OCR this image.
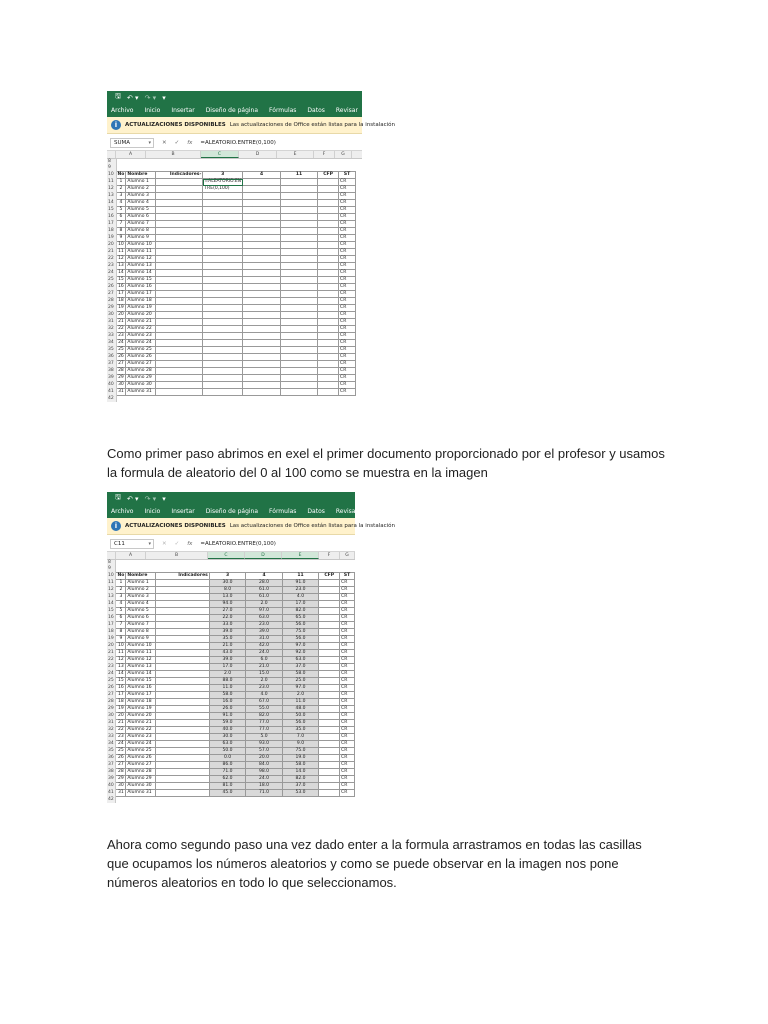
🖫 ↶ ▾ ↷ ▾ ▾
Archivo Inicio Insertar Diseño de página Fórmulas Datos Revisar Vista
i	ACTUALIZACIONES DISPONIBLES Las actualizaciones de Office están listas para la instalación
SUMA ▾	✕ ✓ fx =ALEATORIO.ENTRE(0,100)
A	B	C	D	E	F	G
8								
9								
10	No	Nombre	Indicadores-	3	4	11	CFP	ST
11	1	Alumno 1		=ALEATORIO.EN				CR
12	2	Alumno 2		TRE(0,100)				CR
13	3	Alumno 3						CR
14	4	Alumno 4						CR
15	5	Alumno 5						CR
16	6	Alumno 6						CR
17	7	Alumno 7						CR
18	8	Alumno 8						CR
19	9	Alumno 9						CR
20	10	Alumno 10						CR
21	11	Alumno 11						CR
22	12	Alumno 12						CR
23	13	Alumno 13						CR
24	14	Alumno 14						CR
25	15	Alumno 15						CR
26	16	Alumno 16						CR
27	17	Alumno 17						CR
28	18	Alumno 18						CR
29	19	Alumno 19						CR
30	20	Alumno 20						CR
31	21	Alumno 21						CR
32	22	Alumno 22						CR
33	23	Alumno 23						CR
34	24	Alumno 24						CR
35	25	Alumno 25						CR
36	26	Alumno 26						CR
37	27	Alumno 27						CR
38	28	Alumno 28						CR
39	29	Alumno 29						CR
40	30	Alumno 30						CR
41	31	Alumno 31						CR
42								
Como primer paso abrimos en exel el primer documento proporcionado por el profesor y usamos la formula de aleatorio del 0 al 100 como se muestra en la imagen
🖫 ↶ ▾ ↷ ▾ ▾
Archivo Inicio Insertar Diseño de página Fórmulas Datos Revisar Vista
i	ACTUALIZACIONES DISPONIBLES Las actualizaciones de Office están listas para la instalación
C11 ▾	✕ ✓ fx =ALEATORIO.ENTRE(0,100)
A	B	C	D	E	F	G
8								
9								
10	No	Nombre	Indicadores	3	4	11	CFP	ST
11	1	Alumno 1		30.0	28.0	91.0		CR
12	2	Alumno 2		8.0	61.0	23.0		CR
13	3	Alumno 3		13.0	61.0	4.0		CR
14	4	Alumno 4		94.0	2.0	17.0		CR
15	5	Alumno 5		27.0	97.0	82.0		CR
16	6	Alumno 6		22.0	63.0	65.0		CR
17	7	Alumno 7		33.0	23.0	56.0		CR
18	8	Alumno 8		39.0	39.0	75.0		CR
19	9	Alumno 9		35.0	31.0	56.0		CR
20	10	Alumno 10		21.0	42.0	97.0		CR
21	11	Alumno 11		43.0	24.0	92.0		CR
22	12	Alumno 12		39.0	6.0	63.0		CR
23	13	Alumno 13		17.0	21.0	37.0		CR
24	14	Alumno 14		2.0	15.0	58.0		CR
25	15	Alumno 15		88.0	2.0	25.0		CR
26	16	Alumno 16		11.0	23.0	97.0		CR
27	17	Alumno 17		58.0	4.0	2.0		CR
28	18	Alumno 18		16.0	67.0	11.0		CR
29	19	Alumno 19		26.0	55.0	48.0		CR
30	20	Alumno 20		91.0	82.0	50.0		CR
31	21	Alumno 21		59.0	77.0	56.0		CR
32	22	Alumno 22		40.0	77.0	35.0		CR
33	23	Alumno 23		30.0	5.0	7.0		CR
34	24	Alumno 24		63.0	93.0	9.0		CR
35	25	Alumno 25		50.0	57.0	75.0		CR
36	26	Alumno 26		0.0	20.0	19.0		CR
37	27	Alumno 27		86.0	84.0	58.0		CR
38	28	Alumno 28		71.0	98.0	14.0		CR
39	29	Alumno 29		62.0	24.0	82.0		CR
40	30	Alumno 30		81.0	18.0	37.0		CR
41	31	Alumno 31		45.0	71.0	53.0		CR
42								
Ahora como segundo paso una vez dado enter a la formula arrastramos en todas las casillas que ocupamos los números aleatorios y como se puede observar en la imagen nos pone números aleatorios en todo lo que seleccionamos.
